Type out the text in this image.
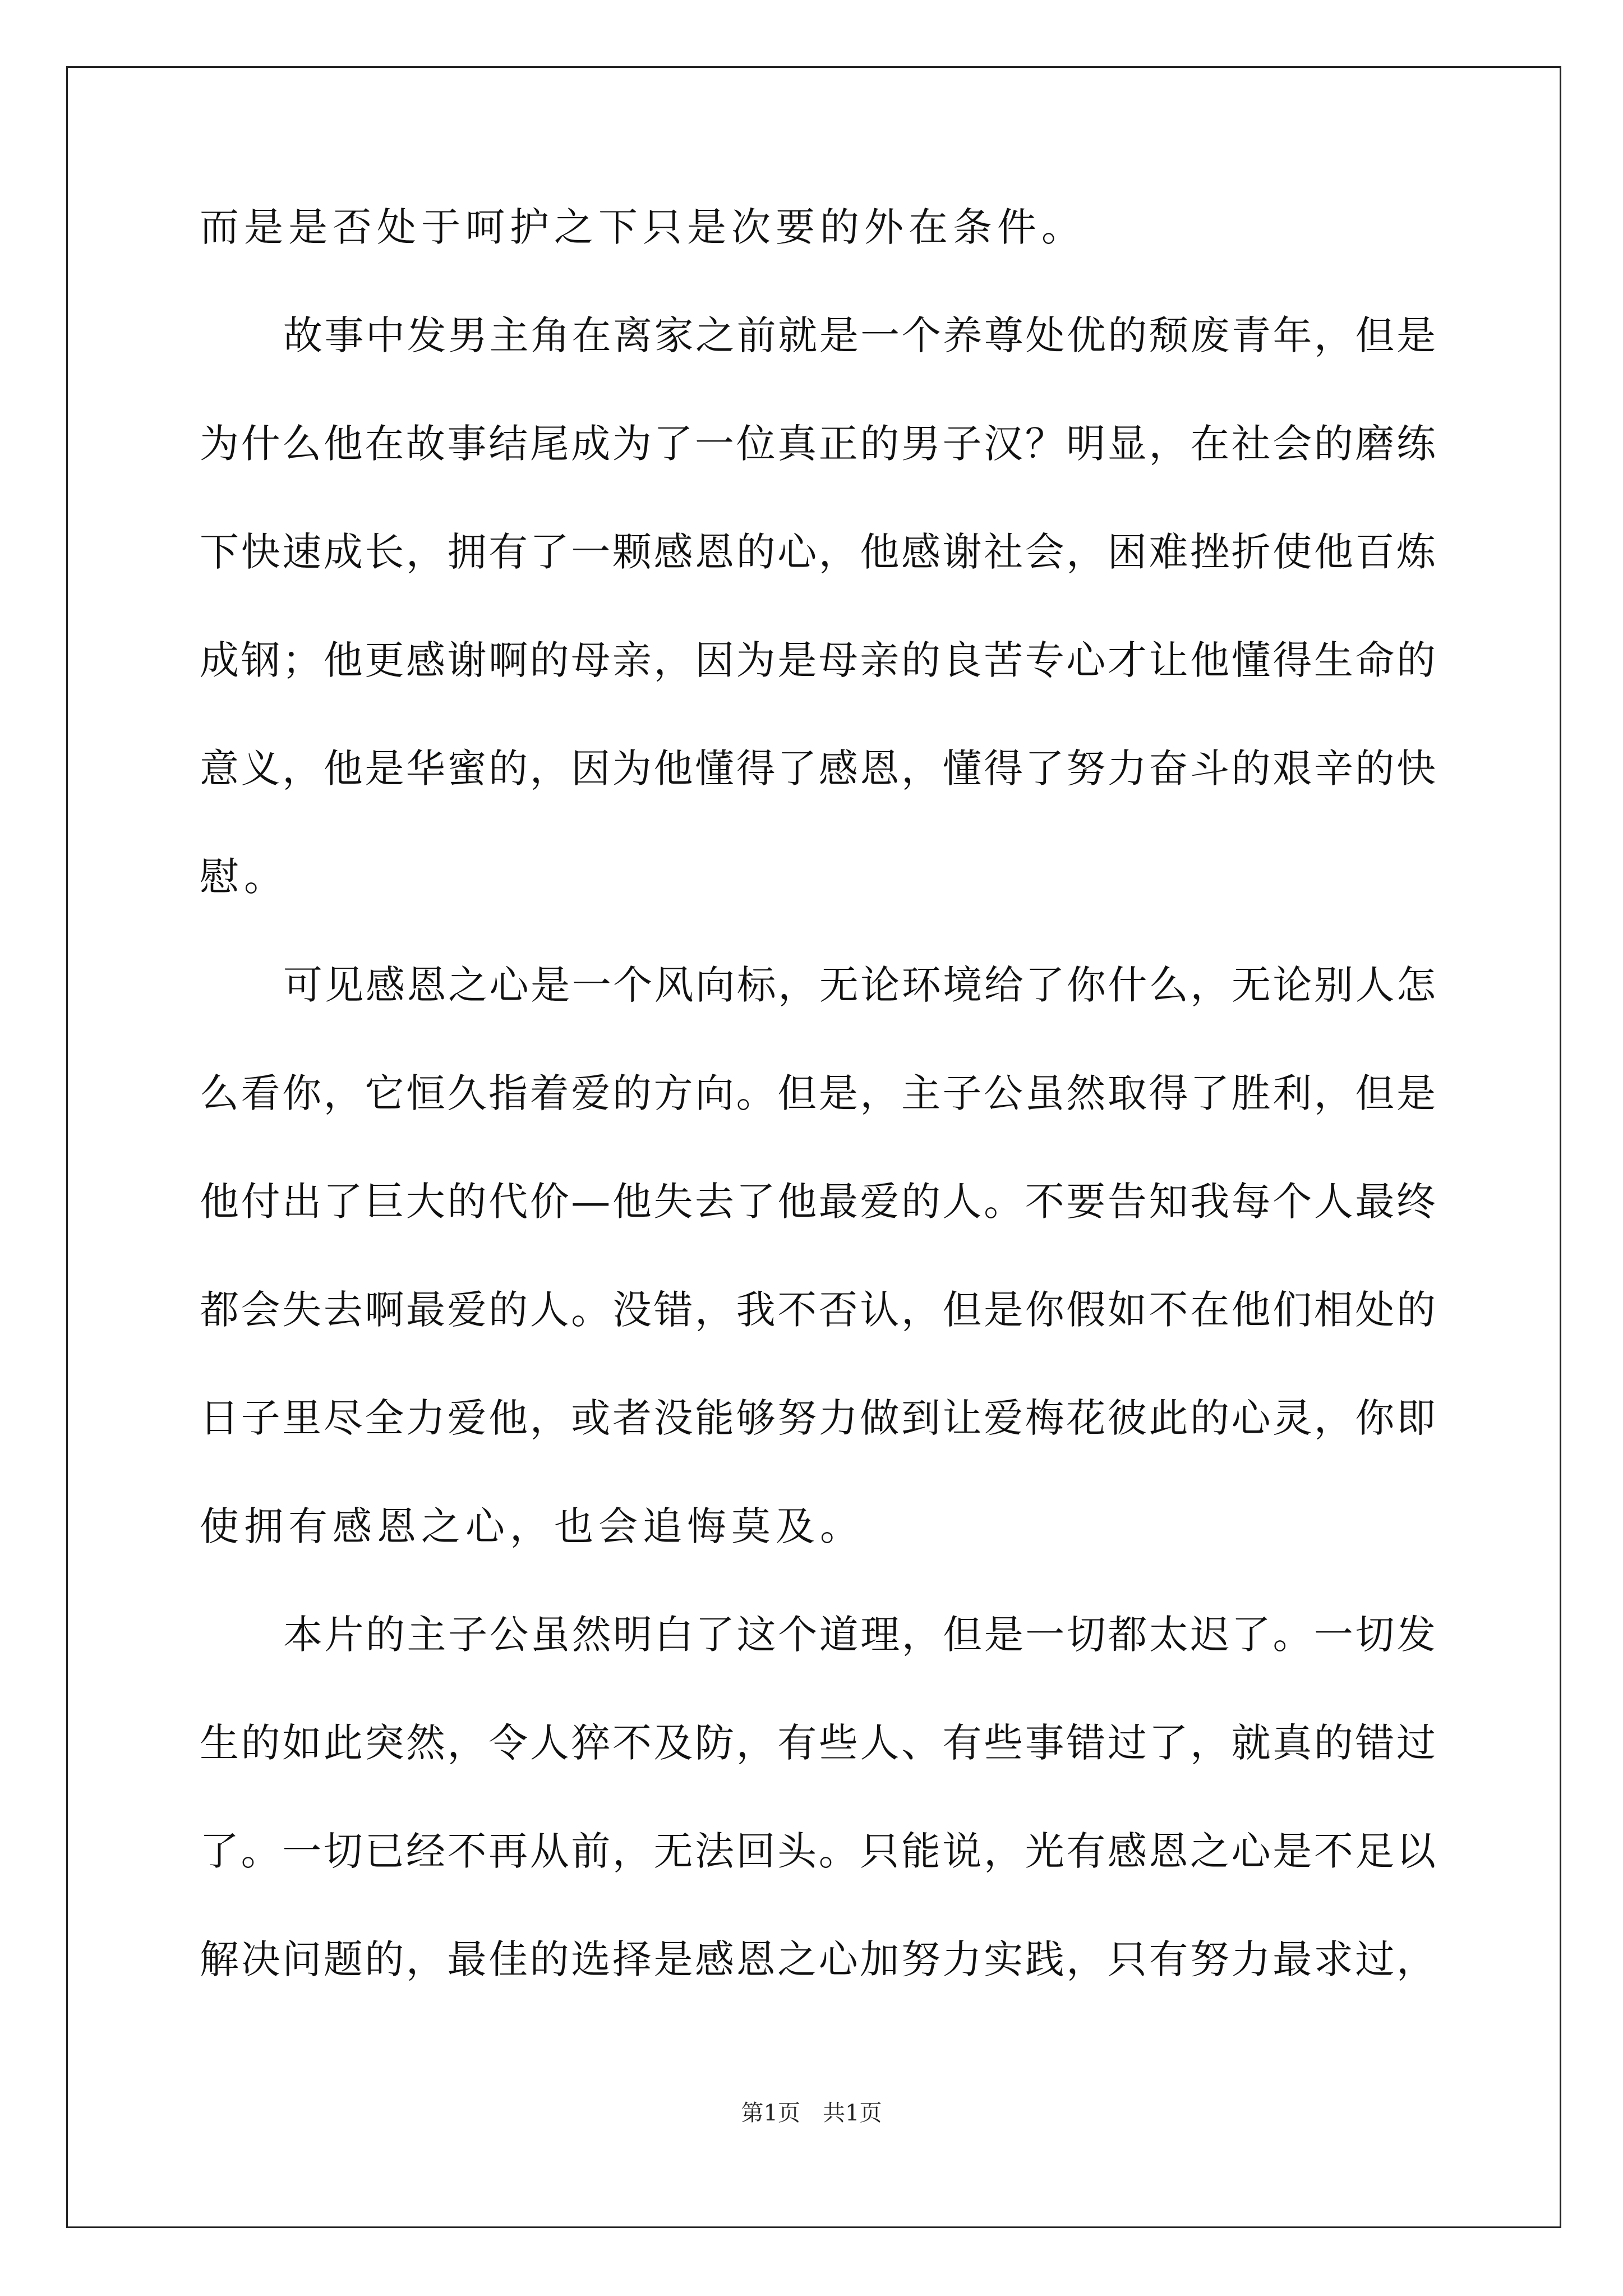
而是是否处于呵护之下只是次要的外在条件。
故事中发男主角在离家之前就是一个养尊处优的颓废青年，但是
为什么他在故事结尾成为了一位真正的男子汉？明显，在社会的磨练
下快速成长，拥有了一颗感恩的心，他感谢社会，困难挫折使他百炼
成钢；他更感谢啊的母亲，因为是母亲的良苦专心才让他懂得生命的
意义，他是华蜜的，因为他懂得了感恩，懂得了努力奋斗的艰辛的快
慰。
可见感恩之心是一个风向标，无论环境给了你什么，无论别人怎
么看你，它恒久指着爱的方向。但是，主子公虽然取得了胜利，但是
他付出了巨大的代价—他失去了他最爱的人。不要告知我每个人最终
都会失去啊最爱的人。没错，我不否认，但是你假如不在他们相处的
日子里尽全力爱他，或者没能够努力做到让爱梅花彼此的心灵，你即
使拥有感恩之心，也会追悔莫及。
本片的主子公虽然明白了这个道理，但是一切都太迟了。一切发
生的如此突然，令人猝不及防，有些人、有些事错过了，就真的错过
了。一切已经不再从前，无法回头。只能说，光有感恩之心是不足以
解决问题的，最佳的选择是感恩之心加努力实践，只有努力最求过，
第1页　共1页
